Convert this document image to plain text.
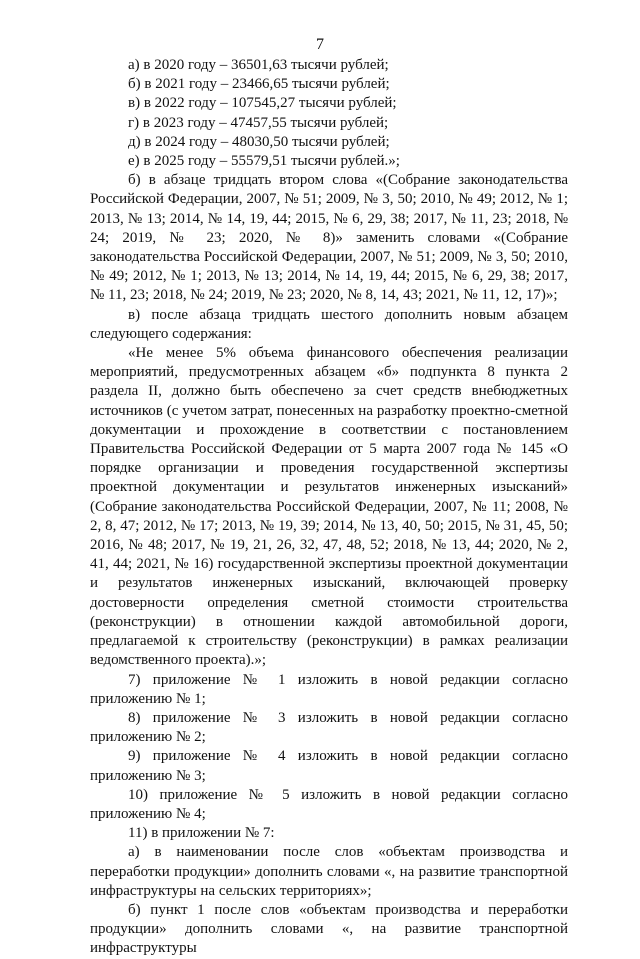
7

а) в 2020 году – 36501,63 тысячи рублей;

б) в 2021 году – 23466,65 тысячи рублей;

в) в 2022 году – 107545,27 тысячи рублей;

г) в 2023 году – 47457,55 тысячи рублей;

д) в 2024 году – 48030,50 тысячи рублей;

е) в 2025 году – 55579,51 тысячи рублей.»;

б) в абзаце тридцать втором слова «(Собрание законодательства Российской Федерации, 2007, № 51; 2009, № 3, 50; 2010, № 49; 2012, № 1; 2013, № 13; 2014, № 14, 19, 44; 2015, № 6, 29, 38; 2017, № 11, 23; 2018, № 24; 2019, № 23; 2020, № 8)» заменить словами «(Собрание законодательства Российской Федерации, 2007, № 51; 2009, № 3, 50; 2010, № 49; 2012, № 1; 2013, № 13; 2014, № 14, 19, 44; 2015, № 6, 29, 38; 2017, № 11, 23; 2018, № 24; 2019, № 23; 2020, № 8, 14, 43; 2021, № 11, 12, 17)»;

в) после абзаца тридцать шестого дополнить новым абзацем следующего содержания:

«Не менее 5% объема финансового обеспечения реализации мероприятий, предусмотренных абзацем «б» подпункта 8 пункта 2 раздела II, должно быть обеспечено за счет средств внебюджетных источников (с учетом затрат, понесенных на разработку проектно-сметной документации и прохождение в соответствии с постановлением Правительства Российской Федерации от 5 марта 2007 года № 145 «О порядке организации и проведения государственной экспертизы проектной документации и результатов инженерных изысканий» (Собрание законодательства Российской Федерации, 2007, № 11; 2008, № 2, 8, 47; 2012, № 17; 2013, № 19, 39; 2014, № 13, 40, 50; 2015, № 31, 45, 50; 2016, № 48; 2017, № 19, 21, 26, 32, 47, 48, 52; 2018, № 13, 44; 2020, № 2, 41, 44; 2021, № 16) государственной экспертизы проектной документации и результатов инженерных изысканий, включающей проверку достоверности определения сметной стоимости строительства (реконструкции) в отношении каждой автомобильной дороги, предлагаемой к строительству (реконструкции) в рамках реализации ведомственного проекта).»;

7) приложение № 1 изложить в новой редакции согласно приложению № 1;

8) приложение № 3 изложить в новой редакции согласно приложению № 2;

9) приложение № 4 изложить в новой редакции согласно приложению № 3;

10) приложение № 5 изложить в новой редакции согласно приложению № 4;

11) в приложении № 7:

а) в наименовании после слов «объектам производства и переработки продукции» дополнить словами «, на развитие транспортной инфраструктуры на сельских территориях»;

б) пункт 1 после слов «объектам производства и переработки продукции» дополнить словами «, на развитие транспортной инфраструктуры
